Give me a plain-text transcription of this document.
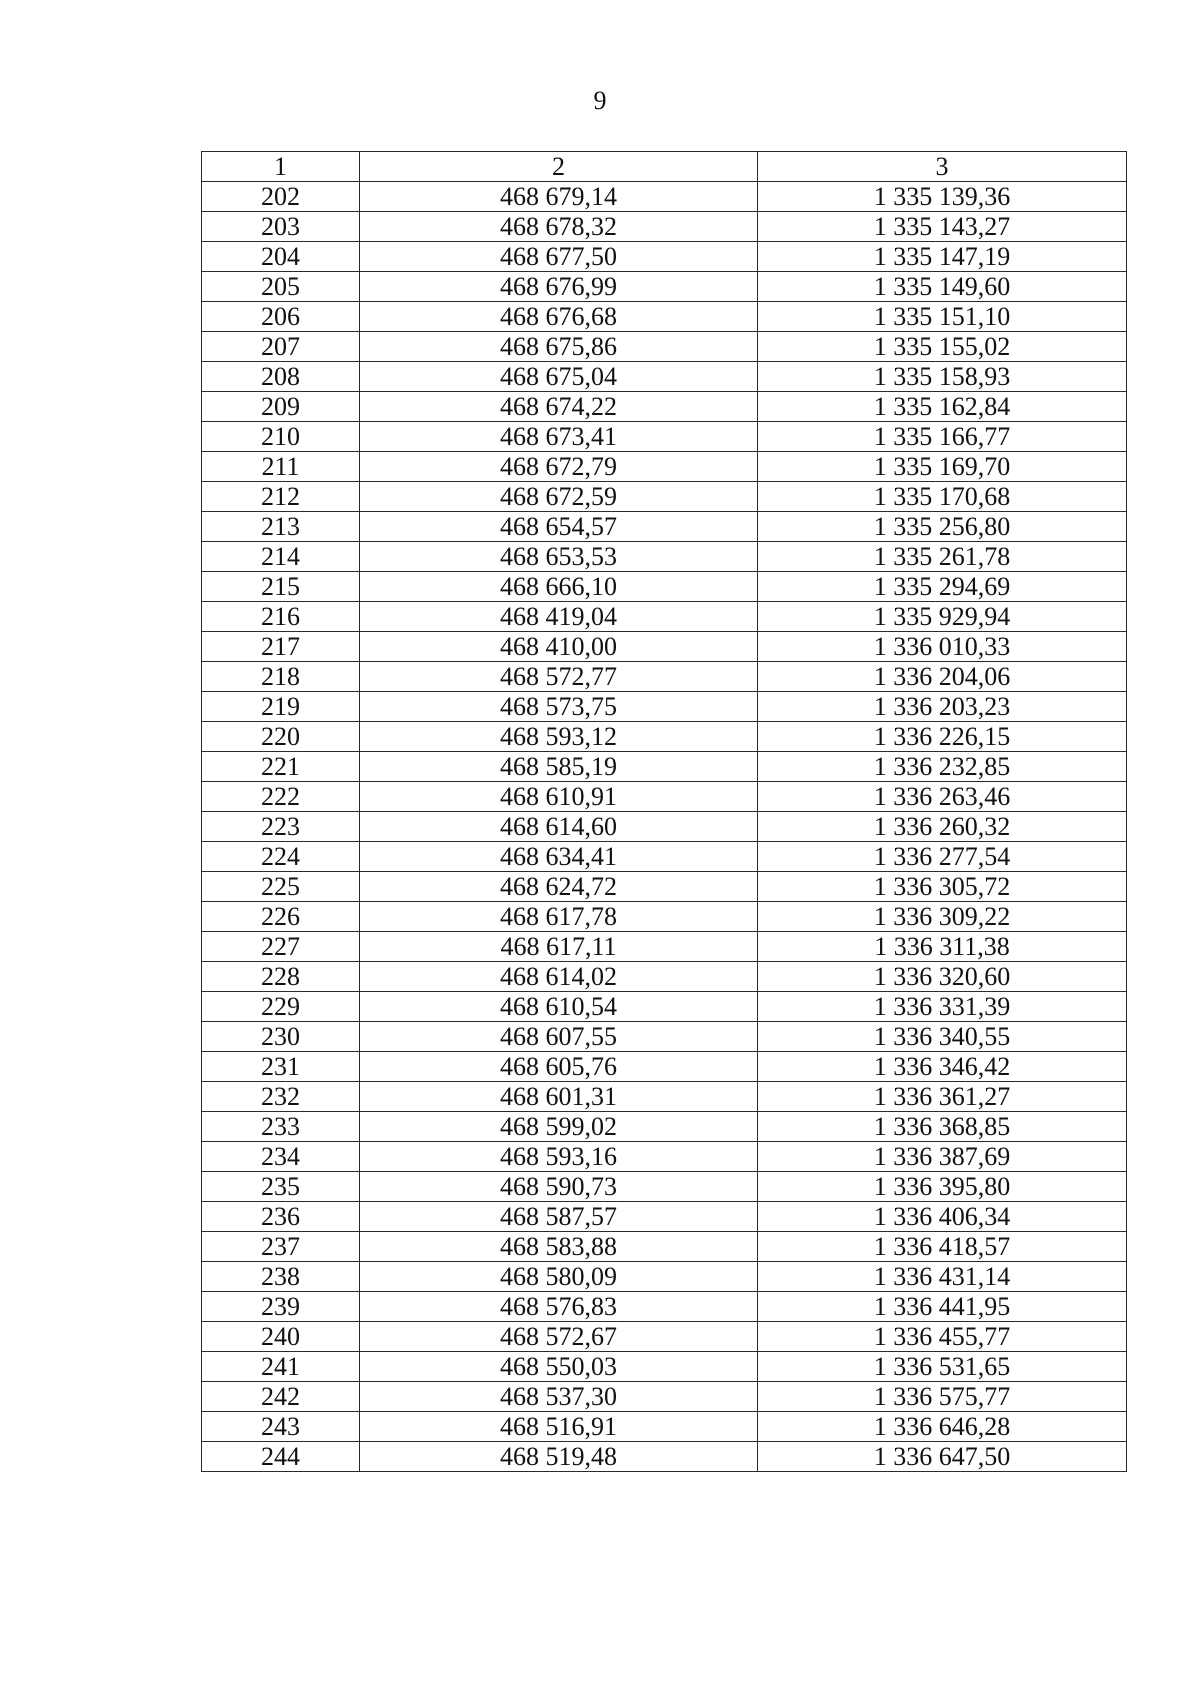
9
1	2	3
202	468 679,14	1 335 139,36
203	468 678,32	1 335 143,27
204	468 677,50	1 335 147,19
205	468 676,99	1 335 149,60
206	468 676,68	1 335 151,10
207	468 675,86	1 335 155,02
208	468 675,04	1 335 158,93
209	468 674,22	1 335 162,84
210	468 673,41	1 335 166,77
211	468 672,79	1 335 169,70
212	468 672,59	1 335 170,68
213	468 654,57	1 335 256,80
214	468 653,53	1 335 261,78
215	468 666,10	1 335 294,69
216	468 419,04	1 335 929,94
217	468 410,00	1 336 010,33
218	468 572,77	1 336 204,06
219	468 573,75	1 336 203,23
220	468 593,12	1 336 226,15
221	468 585,19	1 336 232,85
222	468 610,91	1 336 263,46
223	468 614,60	1 336 260,32
224	468 634,41	1 336 277,54
225	468 624,72	1 336 305,72
226	468 617,78	1 336 309,22
227	468 617,11	1 336 311,38
228	468 614,02	1 336 320,60
229	468 610,54	1 336 331,39
230	468 607,55	1 336 340,55
231	468 605,76	1 336 346,42
232	468 601,31	1 336 361,27
233	468 599,02	1 336 368,85
234	468 593,16	1 336 387,69
235	468 590,73	1 336 395,80
236	468 587,57	1 336 406,34
237	468 583,88	1 336 418,57
238	468 580,09	1 336 431,14
239	468 576,83	1 336 441,95
240	468 572,67	1 336 455,77
241	468 550,03	1 336 531,65
242	468 537,30	1 336 575,77
243	468 516,91	1 336 646,28
244	468 519,48	1 336 647,50
